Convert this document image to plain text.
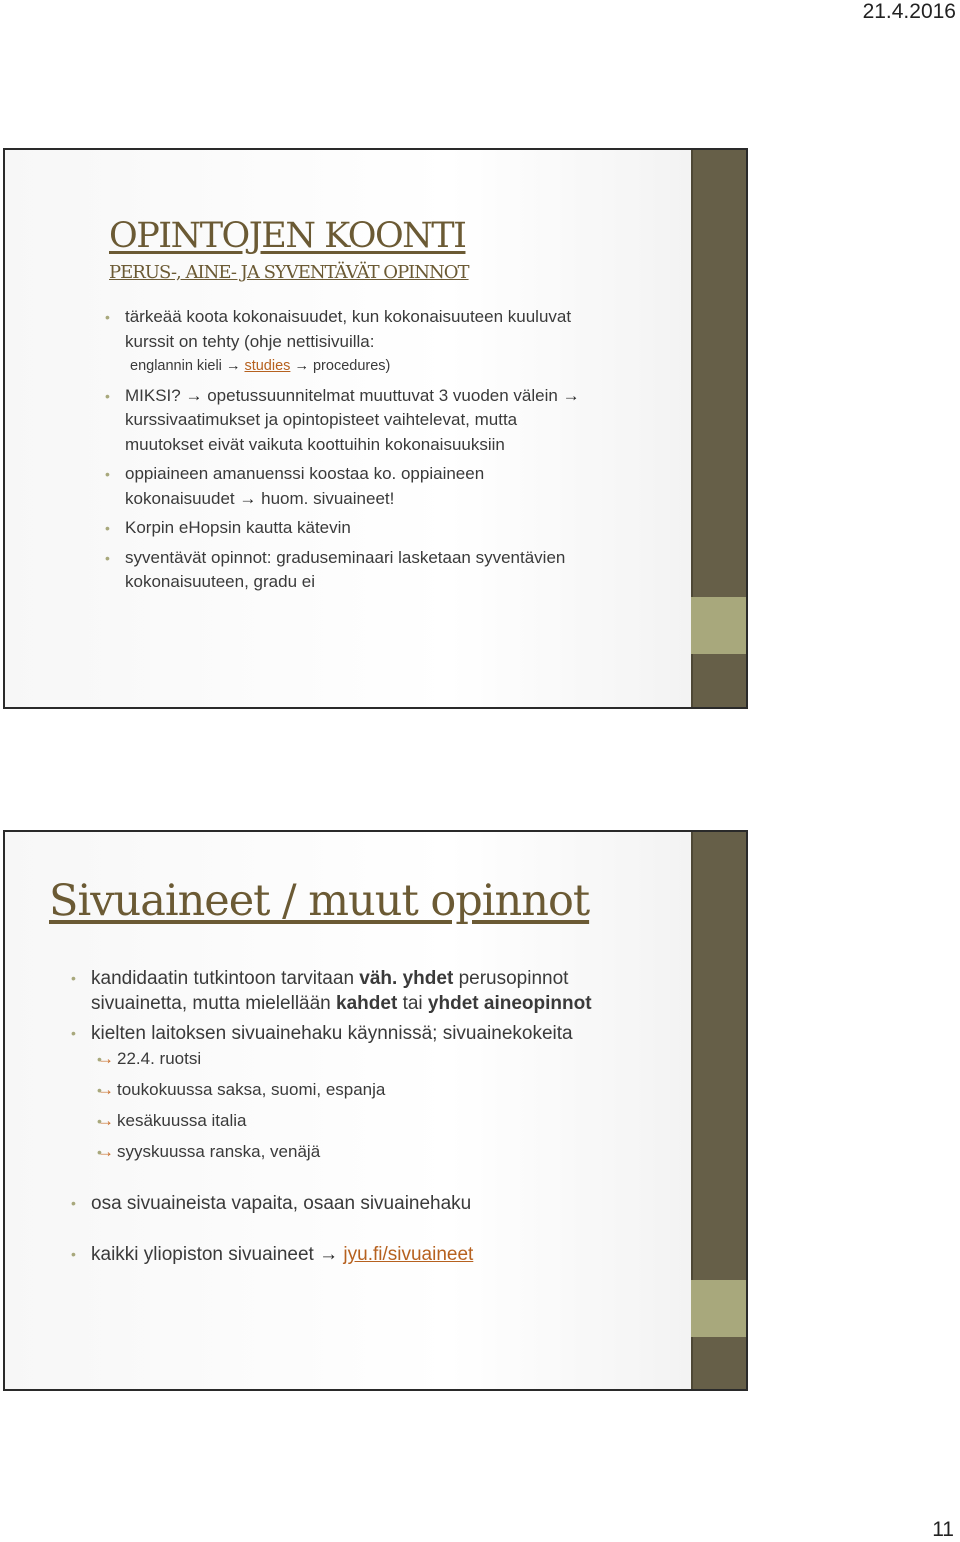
21.4.2016
OPINTOJEN KOONTI
PERUS-, AINE- JA SYVENTÄVÄT OPINNOT
• tärkeää koota kokonaisuudet, kun kokonaisuuteen kuuluvat kurssit on tehty (ohje nettisivuilla:
englannin kieli → studies → procedures)
• MIKSI? → opetussuunnitelmat muuttuvat 3 vuoden välein → kurssivaatimukset ja opintopisteet vaihtelevat, mutta muutokset eivät vaikuta koottuihin kokonaisuuksiin
• oppiaineen amanuenssi koostaa ko. oppiaineen kokonaisuudet → huom. sivuaineet!
• Korpin eHopsin kautta kätevin
• syventävät opinnot: graduseminaari lasketaan syventävien kokonaisuuteen, gradu ei
Sivuaineet / muut opinnot
• kandidaatin tutkintoon tarvitaan väh. yhdet perusopinnot sivuainetta, mutta mielellään kahdet tai yhdet aineopinnot
• kielten laitoksen sivuainehaku käynnissä; sivuainekokeita
• → 22.4. ruotsi
• → toukokuussa saksa, suomi, espanja
• → kesäkuussa italia
• → syyskuussa ranska, venäjä
• osa sivuaineista vapaita, osaan sivuainehaku
• kaikki yliopiston sivuaineet → jyu.fi/sivuaineet
11
